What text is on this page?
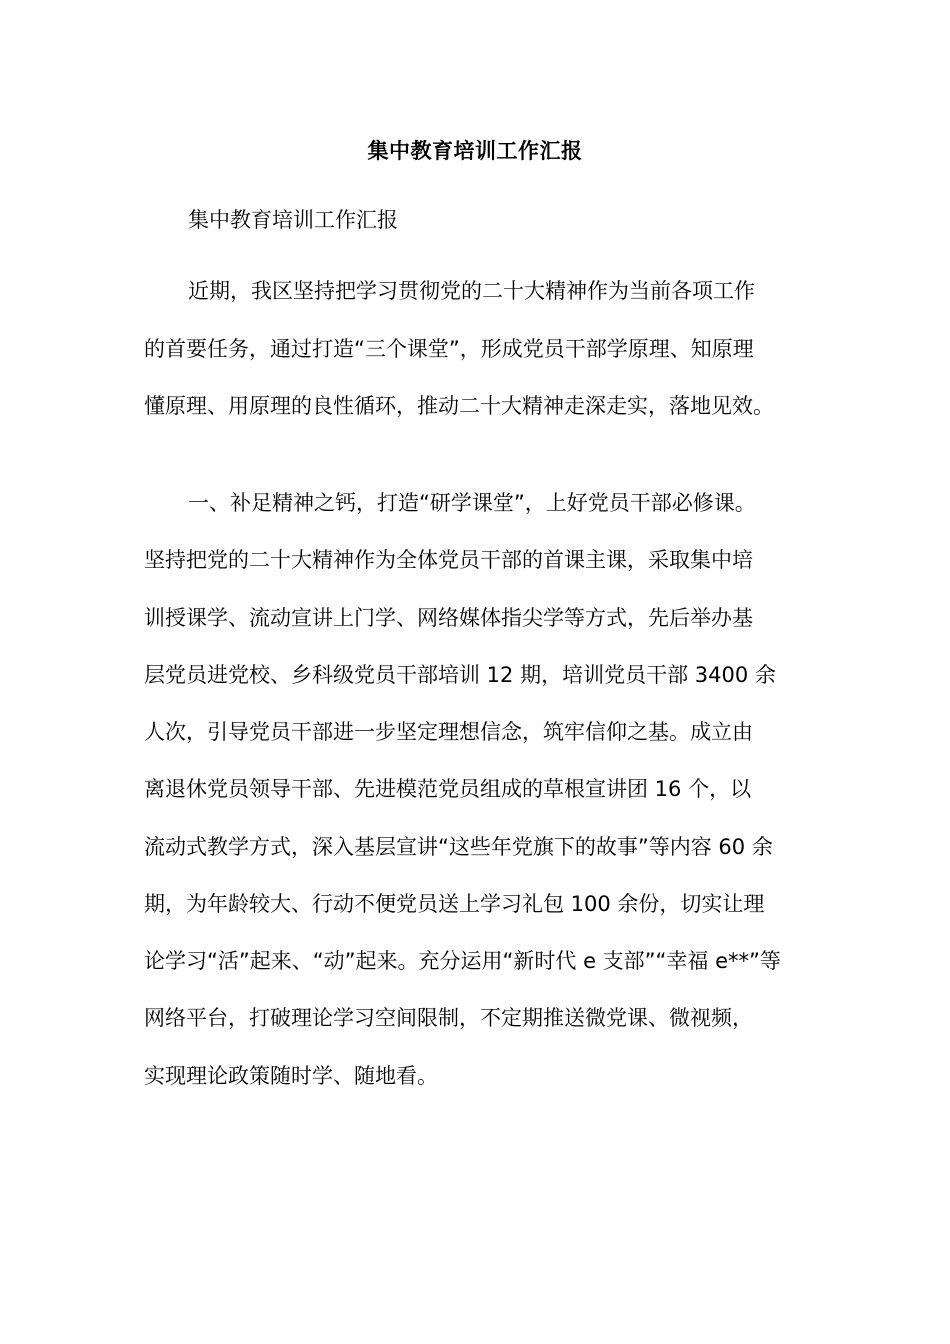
集中教育培训工作汇报
集中教育培训工作汇报
近期，我区坚持把学习贯彻党的二十大精神作为当前各项工作
的首要任务，通过打造“三个课堂”，形成党员干部学原理、知原理
懂原理、用原理的良性循环，推动二十大精神走深走实，落地见效。
一、补足精神之钙，打造“研学课堂”，上好党员干部必修课。
坚持把党的二十大精神作为全体党员干部的首课主课，采取集中培
训授课学、流动宣讲上门学、网络媒体指尖学等方式，先后举办基
层党员进党校、乡科级党员干部培训 12 期，培训党员干部 3400 余
人次，引导党员干部进一步坚定理想信念，筑牢信仰之基。成立由
离退休党员领导干部、先进模范党员组成的草根宣讲团 16 个，以
流动式教学方式，深入基层宣讲“这些年党旗下的故事”等内容 60 余
期，为年龄较大、行动不便党员送上学习礼包 100 余份，切实让理
论学习“活”起来、“动”起来。充分运用“新时代 e 支部”“幸福 e**”等
网络平台，打破理论学习空间限制，不定期推送微党课、微视频，
实现理论政策随时学、随地看。
